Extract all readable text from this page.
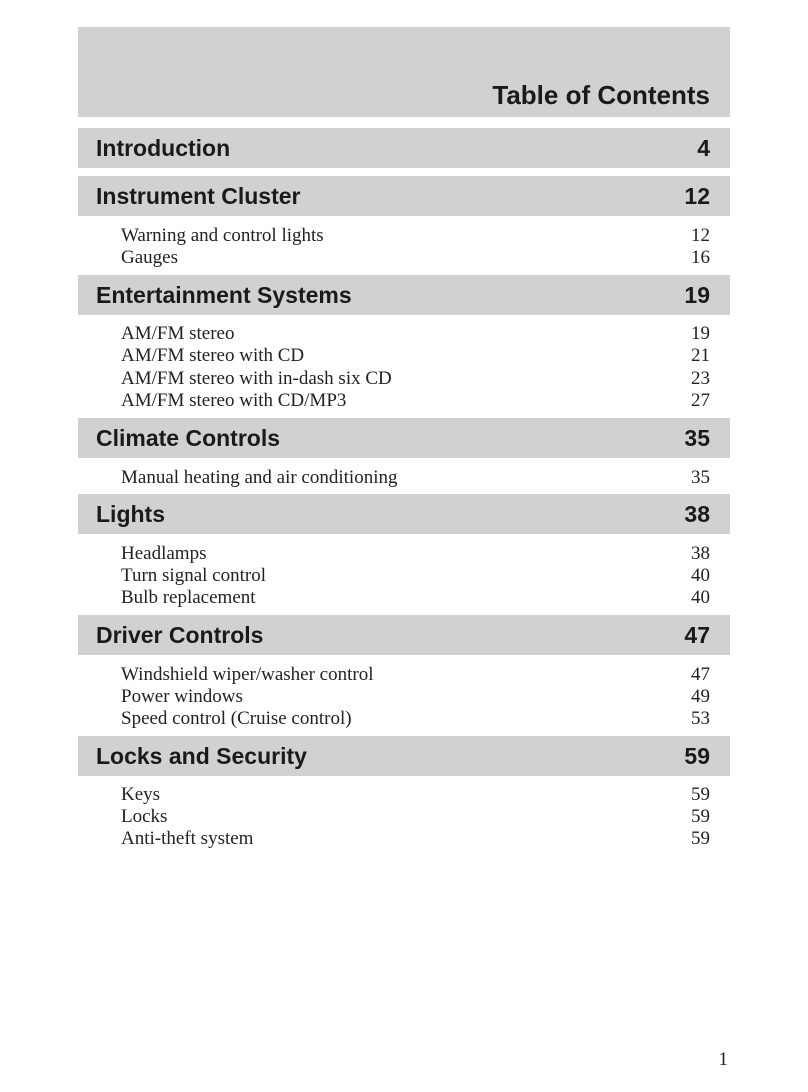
Table of Contents
Introduction	4
Instrument Cluster	12
Warning and control lights	12
Gauges	16
Entertainment Systems	19
AM/FM stereo	19
AM/FM stereo with CD	21
AM/FM stereo with in-dash six CD	23
AM/FM stereo with CD/MP3	27
Climate Controls	35
Manual heating and air conditioning	35
Lights	38
Headlamps	38
Turn signal control	40
Bulb replacement	40
Driver Controls	47
Windshield wiper/washer control	47
Power windows	49
Speed control (Cruise control)	53
Locks and Security	59
Keys	59
Locks	59
Anti-theft system	59
1
